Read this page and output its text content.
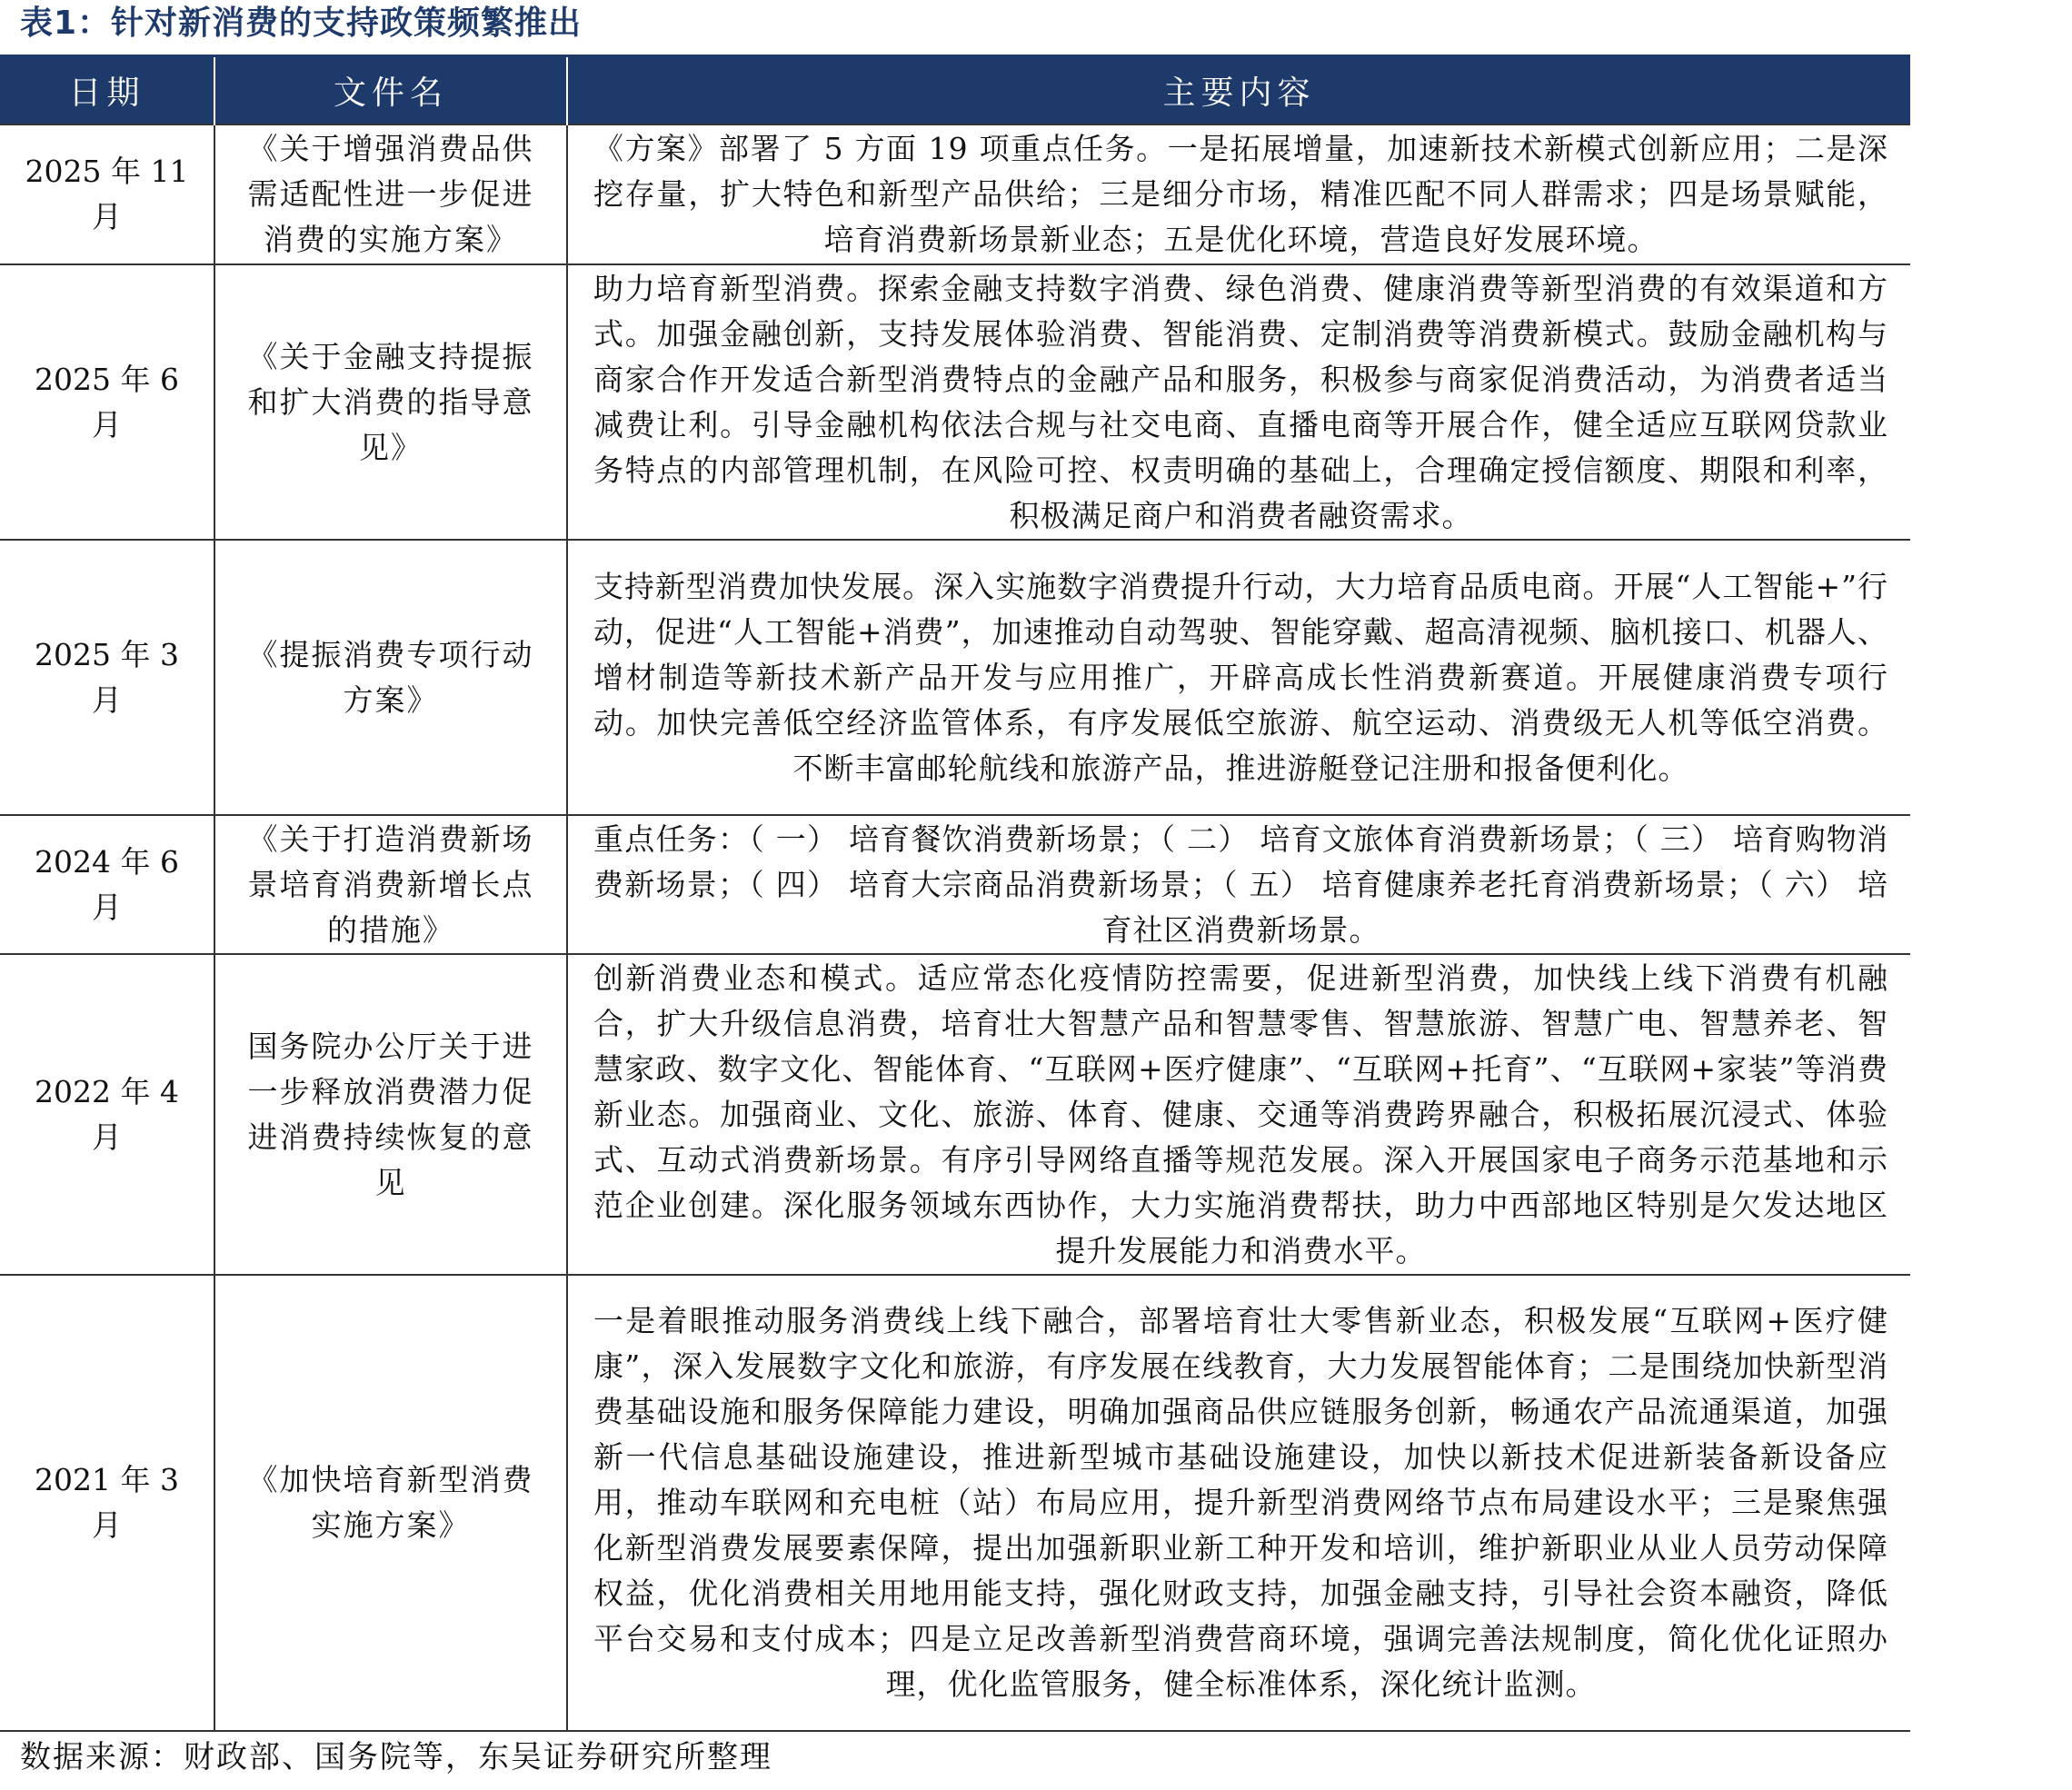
表1：针对新消费的支持政策频繁推出
日期	文件名	主要内容
2025 年 11 月	《关于增强消费品供需适配性进一步促进消费的实施方案》	《方案》部署了 5 方面 19 项重点任务。一是拓展增量，加速新技术新模式创新应用；二是深挖存量，扩大特色和新型产品供给；三是细分市场，精准匹配不同人群需求；四是场景赋能，培育消费新场景新业态；五是优化环境，营造良好发展环境。
2025 年 6 月	《关于金融支持提振和扩大消费的指导意见》	助力培育新型消费。探索金融支持数字消费、绿色消费、健康消费等新型消费的有效渠道和方式。加强金融创新，支持发展体验消费、智能消费、定制消费等消费新模式。鼓励金融机构与商家合作开发适合新型消费特点的金融产品和服务，积极参与商家促消费活动，为消费者适当减费让利。引导金融机构依法合规与社交电商、直播电商等开展合作，健全适应互联网贷款业务特点的内部管理机制，在风险可控、权责明确的基础上，合理确定授信额度、期限和利率，积极满足商户和消费者融资需求。
2025 年 3 月	《提振消费专项行动方案》	支持新型消费加快发展。深入实施数字消费提升行动，大力培育品质电商。开展“人工智能+”行动，促进“人工智能+消费”，加速推动自动驾驶、智能穿戴、超高清视频、脑机接口、机器人、增材制造等新技术新产品开发与应用推广，开辟高成长性消费新赛道。开展健康消费专项行动。加快完善低空经济监管体系，有序发展低空旅游、航空运动、消费级无人机等低空消费。不断丰富邮轮航线和旅游产品，推进游艇登记注册和报备便利化。
2024 年 6 月	《关于打造消费新场景培育消费新增长点的措施》	重点任务：（ 一） 培育餐饮消费新场景；（ 二） 培育文旅体育消费新场景；（ 三） 培育购物消费新场景；（ 四） 培育大宗商品消费新场景；（ 五） 培育健康养老托育消费新场景；（ 六） 培育社区消费新场景。
2022 年 4 月	国务院办公厅关于进一步释放消费潜力促进消费持续恢复的意见	创新消费业态和模式。适应常态化疫情防控需要，促进新型消费，加快线上线下消费有机融合，扩大升级信息消费，培育壮大智慧产品和智慧零售、智慧旅游、智慧广电、智慧养老、智慧家政、数字文化、智能体育、“互联网+医疗健康”、“互联网+托育”、“互联网+家装”等消费新业态。加强商业、文化、旅游、体育、健康、交通等消费跨界融合，积极拓展沉浸式、体验式、互动式消费新场景。有序引导网络直播等规范发展。深入开展国家电子商务示范基地和示范企业创建。深化服务领域东西协作，大力实施消费帮扶，助力中西部地区特别是欠发达地区提升发展能力和消费水平。
2021 年 3 月	《加快培育新型消费实施方案》	一是着眼推动服务消费线上线下融合，部署培育壮大零售新业态，积极发展“互联网+医疗健康”，深入发展数字文化和旅游，有序发展在线教育，大力发展智能体育；二是围绕加快新型消费基础设施和服务保障能力建设，明确加强商品供应链服务创新，畅通农产品流通渠道，加强新一代信息基础设施建设，推进新型城市基础设施建设，加快以新技术促进新装备新设备应用，推动车联网和充电桩（站）布局应用，提升新型消费网络节点布局建设水平；三是聚焦强化新型消费发展要素保障，提出加强新职业新工种开发和培训，维护新职业从业人员劳动保障权益，优化消费相关用地用能支持，强化财政支持，加强金融支持，引导社会资本融资，降低平台交易和支付成本；四是立足改善新型消费营商环境，强调完善法规制度，简化优化证照办理，优化监管服务，健全标准体系，深化统计监测。
数据来源：财政部、国务院等，东吴证券研究所整理
